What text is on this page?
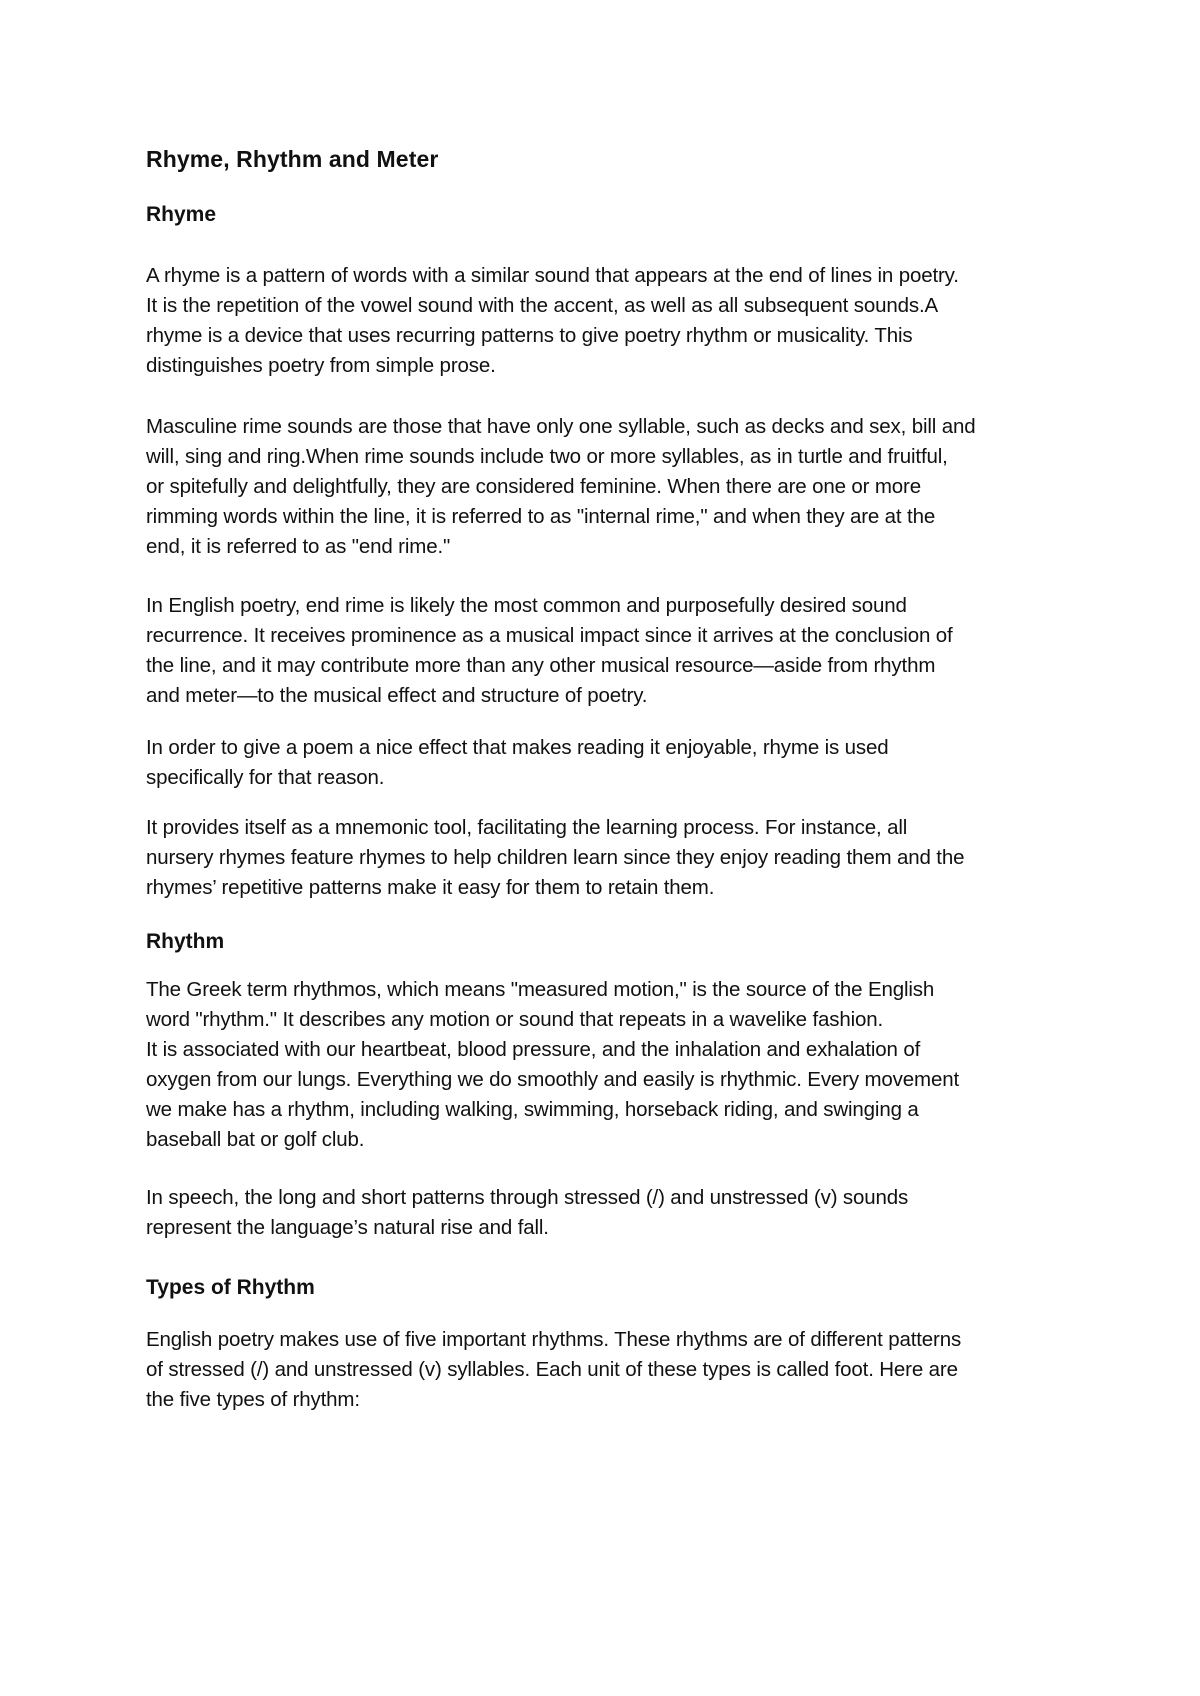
Rhyme, Rhythm and Meter
Rhyme

A rhyme is a pattern of words with a similar sound that appears at the end of lines in poetry.
It is the repetition of the vowel sound with the accent, as well as all subsequent sounds.A
rhyme is a device that uses recurring patterns to give poetry rhythm or musicality. This
distinguishes poetry from simple prose.

Masculine rime sounds are those that have only one syllable, such as decks and sex, bill and
will, sing and ring.When rime sounds include two or more syllables, as in turtle and fruitful,
or spitefully and delightfully, they are considered feminine. When there are one or more
rimming words within the line, it is referred to as "internal rime," and when they are at the
end, it is referred to as "end rime."

In English poetry, end rime is likely the most common and purposefully desired sound
recurrence. It receives prominence as a musical impact since it arrives at the conclusion of
the line, and it may contribute more than any other musical resource—aside from rhythm
and meter—to the musical effect and structure of poetry.

In order to give a poem a nice effect that makes reading it enjoyable, rhyme is used
specifically for that reason.

It provides itself as a mnemonic tool, facilitating the learning process. For instance, all
nursery rhymes feature rhymes to help children learn since they enjoy reading them and the
rhymes’ repetitive patterns make it easy for them to retain them.

Rhythm

The Greek term rhythmos, which means "measured motion," is the source of the English
word "rhythm." It describes any motion or sound that repeats in a wavelike fashion.
It is associated with our heartbeat, blood pressure, and the inhalation and exhalation of
oxygen from our lungs. Everything we do smoothly and easily is rhythmic. Every movement
we make has a rhythm, including walking, swimming, horseback riding, and swinging a
baseball bat or golf club.

In speech, the long and short patterns through stressed (/) and unstressed (v) sounds
represent the language’s natural rise and fall.

Types of Rhythm

English poetry makes use of five important rhythms. These rhythms are of different patterns
of stressed (/) and unstressed (v) syllables. Each unit of these types is called foot. Here are
the five types of rhythm:
